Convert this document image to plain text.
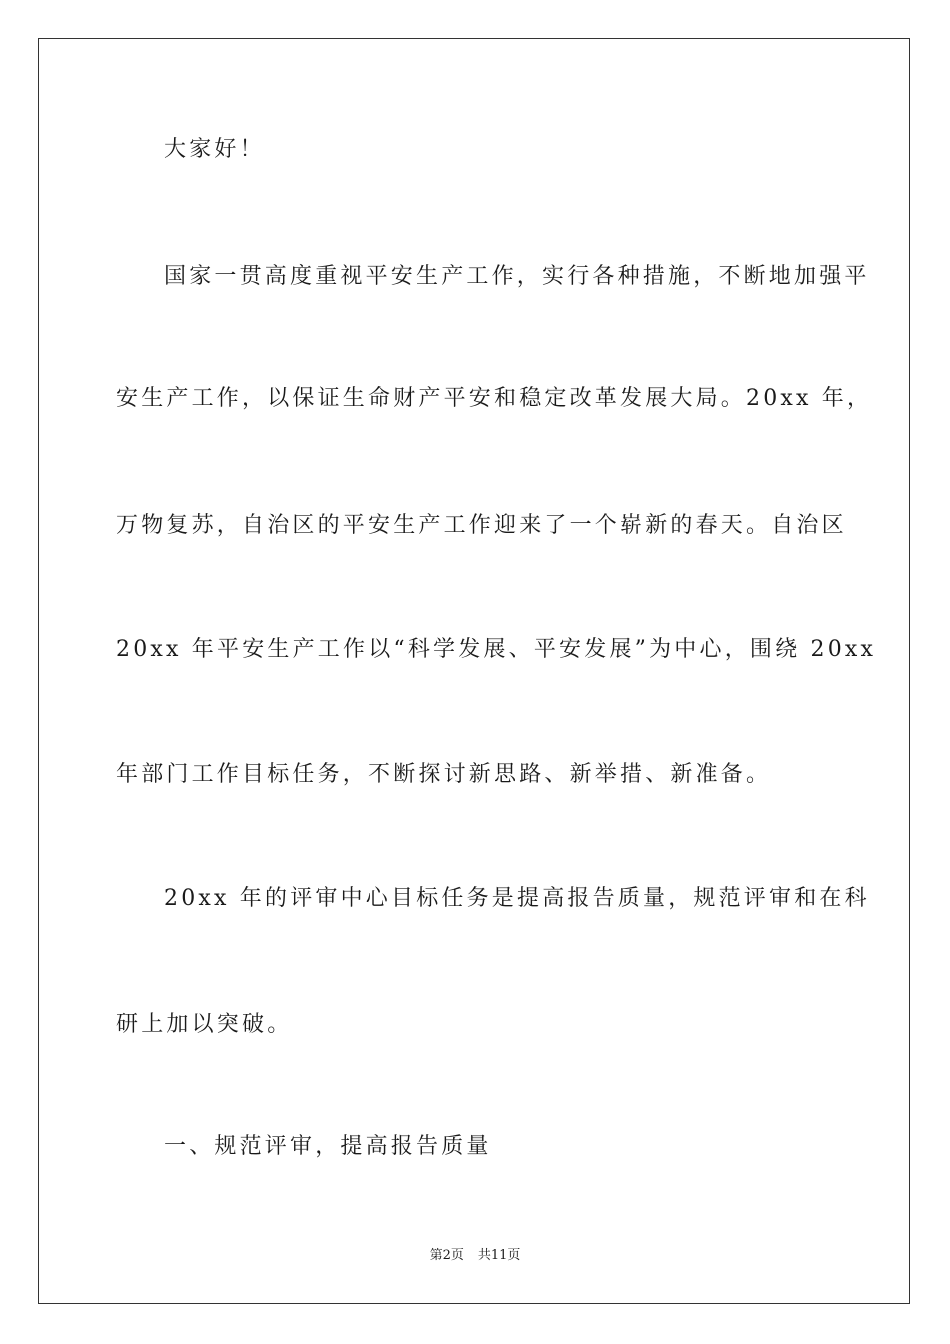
大家好！
国家一贯高度重视平安生产工作，实行各种措施，不断地加强平
安生产工作，以保证生命财产平安和稳定改革发展大局。20xx 年，
万物复苏，自治区的平安生产工作迎来了一个崭新的春天。自治区
20xx 年平安生产工作以“科学发展、平安发展”为中心，围绕 20xx
年部门工作目标任务，不断探讨新思路、新举措、新准备。
20xx 年的评审中心目标任务是提高报告质量，规范评审和在科
研上加以突破。
一、规范评审，提高报告质量
第2页 共11页
